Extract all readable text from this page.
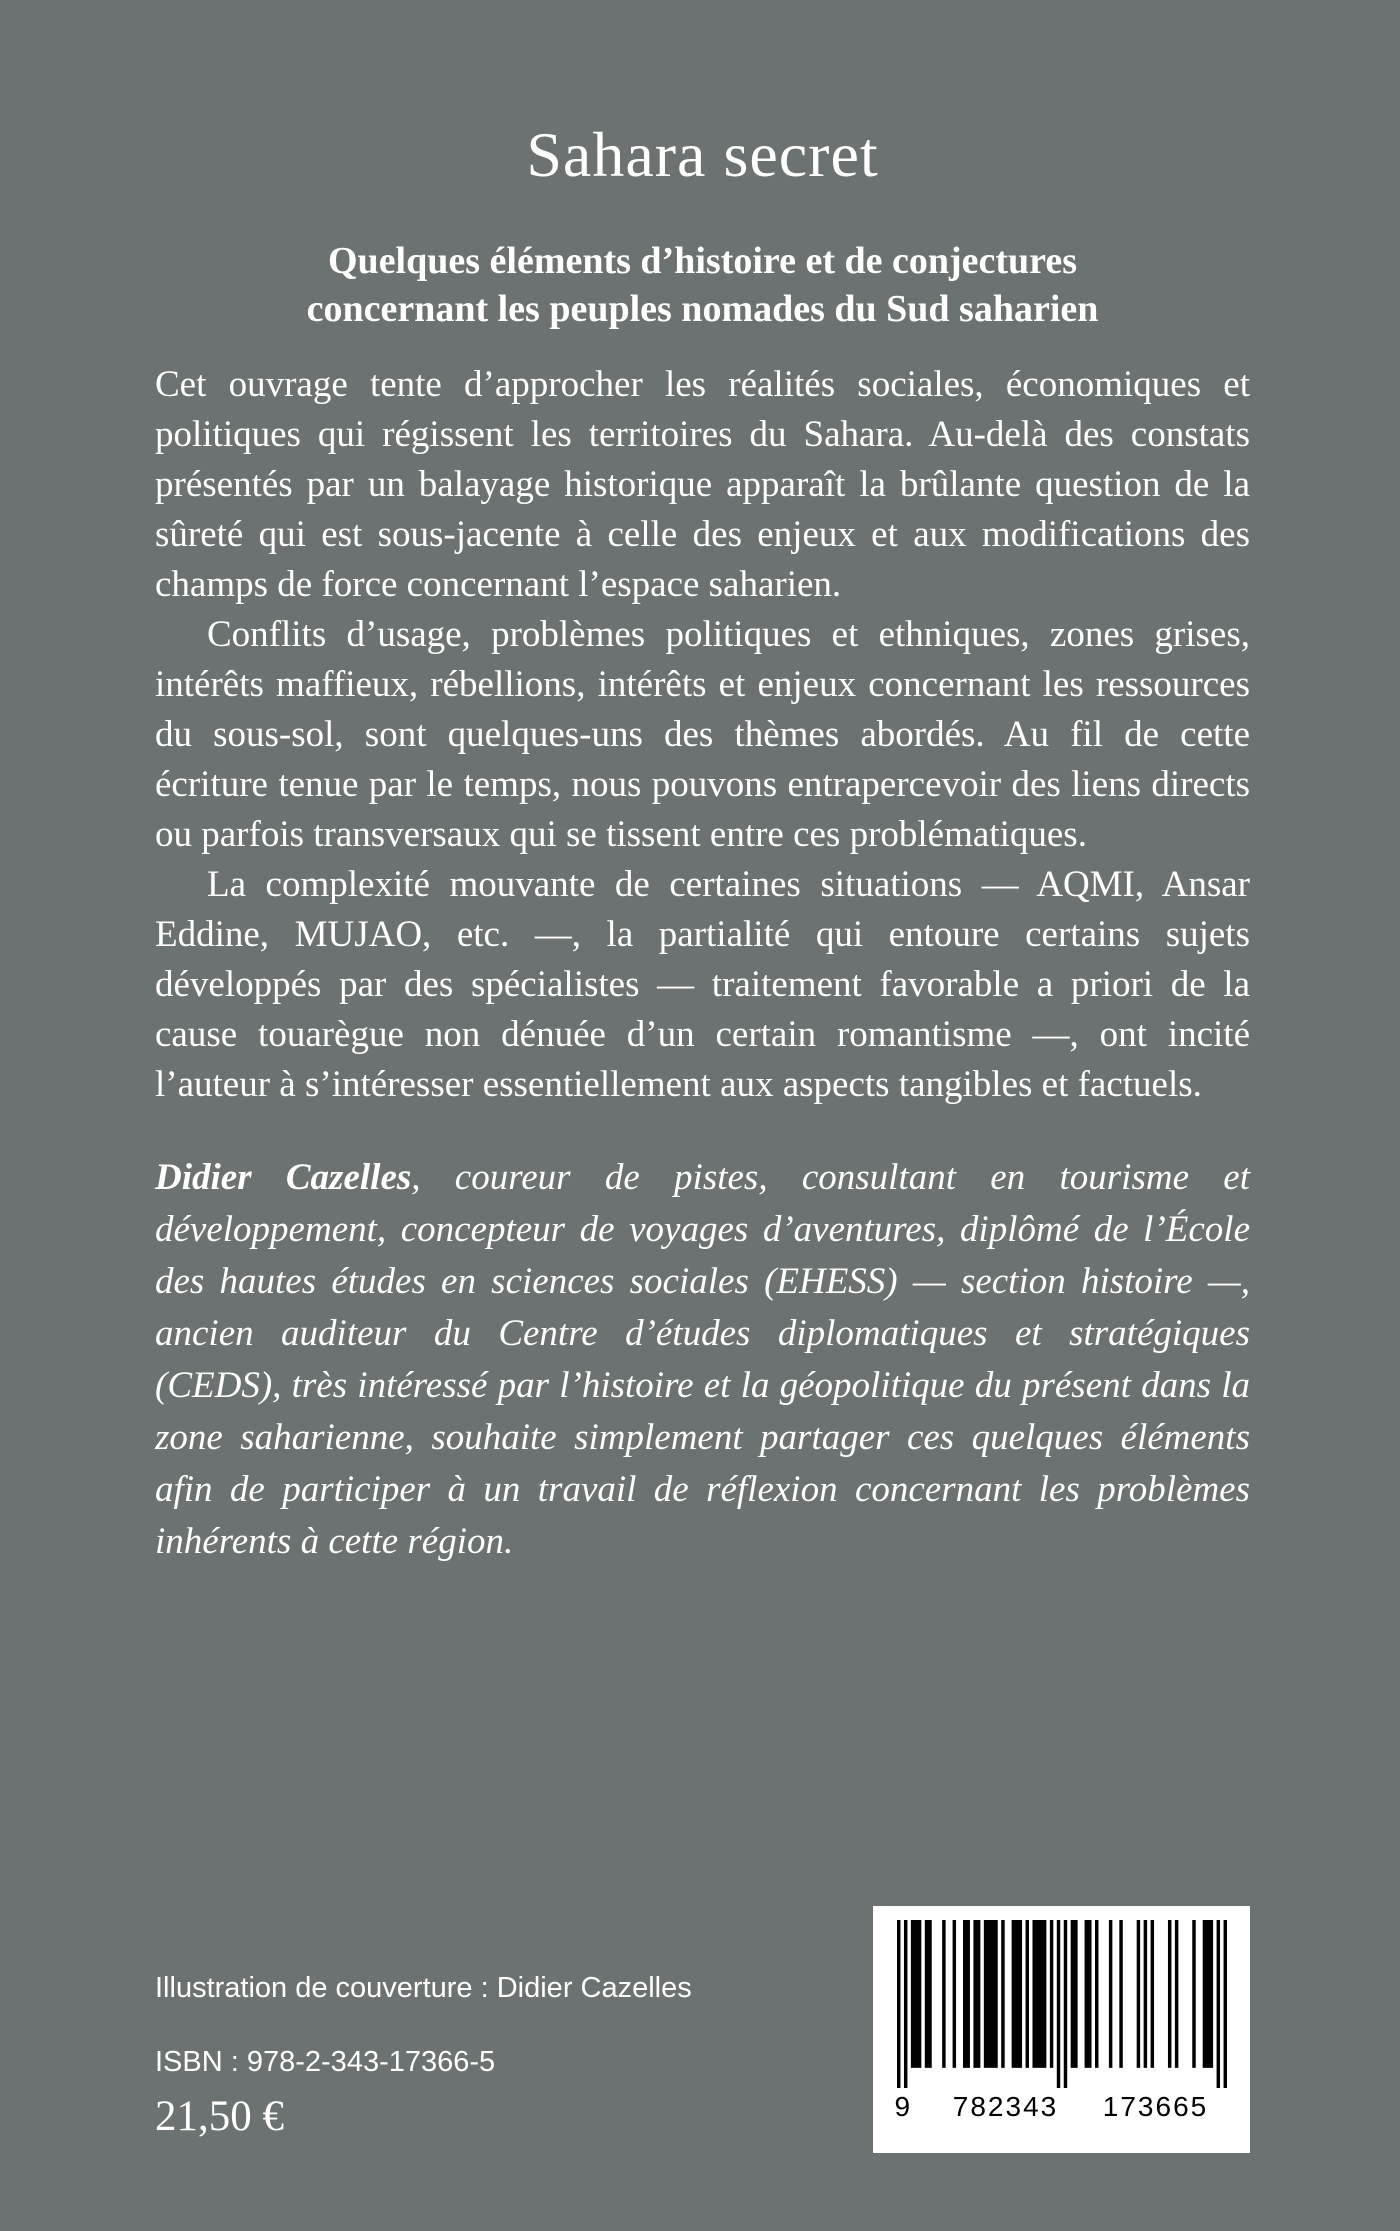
Sahara secret
Quelques éléments d’histoire et de conjectures
concernant les peuples nomades du Sud saharien

Cet ouvrage tente d’approcher les réalités sociales, économiques et politiques qui régissent les territoires du Sahara. Au-delà des constats présentés par un balayage historique apparaît la brûlante question de la sûreté qui est sous-jacente à celle des enjeux et aux modifications des champs de force concernant l’espace saharien.

Conflits d’usage, problèmes politiques et ethniques, zones grises, intérêts maffieux, rébellions, intérêts et enjeux concernant les ressources du sous-sol, sont quelques-uns des thèmes abordés. Au fil de cette écriture tenue par le temps, nous pouvons entrapercevoir des liens directs ou parfois transversaux qui se tissent entre ces problématiques.

La complexité mouvante de certaines situations — AQMI, Ansar Eddine, MUJAO, etc. —, la partialité qui entoure certains sujets développés par des spécialistes — traitement favorable a priori de la cause touarègue non dénuée d’un certain romantisme —, ont incité l’auteur à s’intéresser essentiellement aux aspects tangibles et factuels.

Didier Cazelles, coureur de pistes, consultant en tourisme et développement, concepteur de voyages d’aventures, diplômé de l’École des hautes études en sciences sociales (EHESS) — section histoire —, ancien auditeur du Centre d’études diplomatiques et stratégiques (CEDS), très intéressé par l’histoire et la géopolitique du présent dans la zone saharienne, souhaite simplement partager ces quelques éléments afin de participer à un travail de réflexion concernant les problèmes inhérents à cette région.

Illustration de couverture : Didier Cazelles
ISBN : 978-2-343-17366-5
21,50 €	9	782343	173665
